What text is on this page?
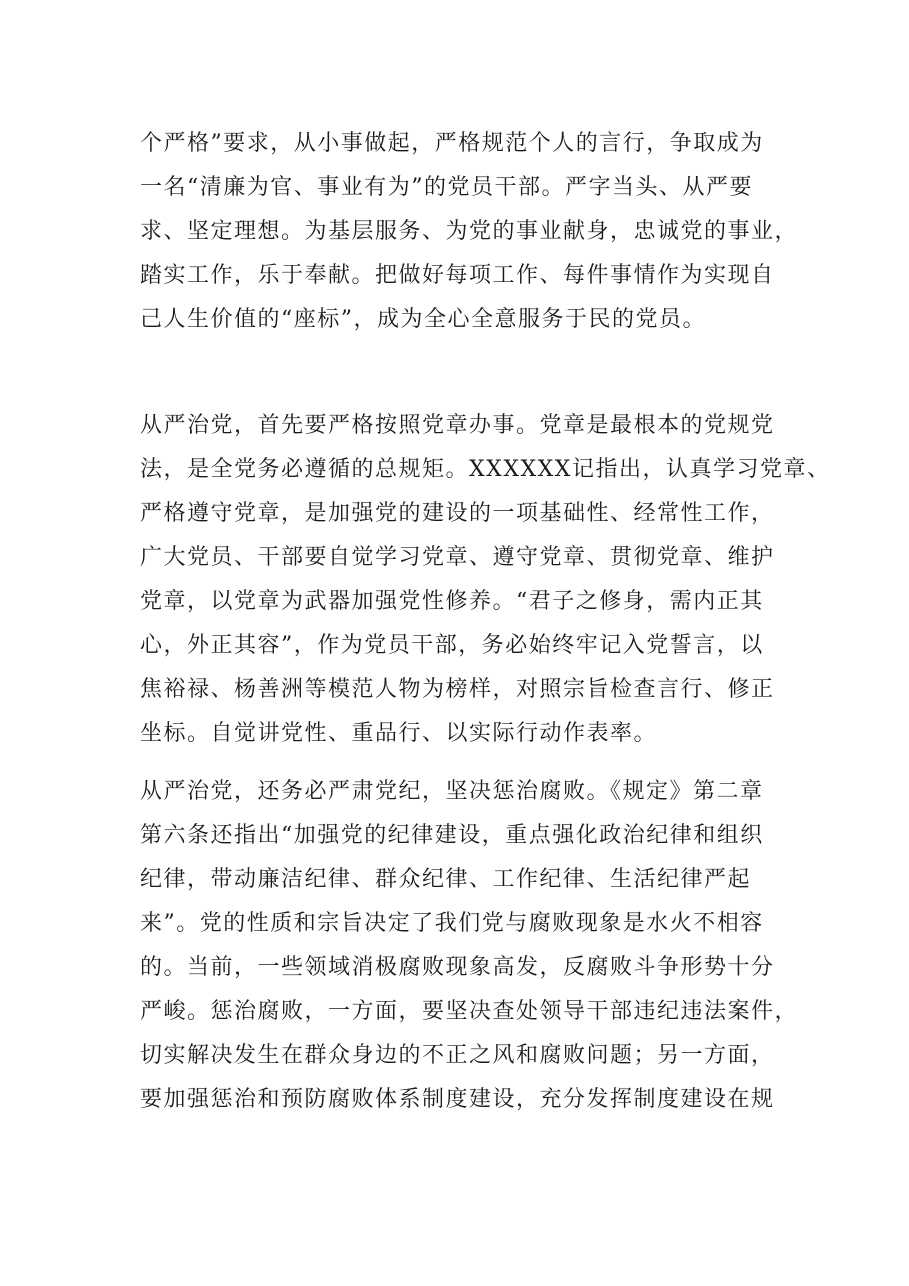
个严格”要求，从小事做起，严格规范个人的言行，争取成为
一名“清廉为官、事业有为”的党员干部。严字当头、从严要
求、坚定理想。为基层服务、为党的事业献身，忠诚党的事业，
踏实工作，乐于奉献。把做好每项工作、每件事情作为实现自
己人生价值的“座标”，成为全心全意服务于民的党员。
从严治党，首先要严格按照党章办事。党章是最根本的党规党
法，是全党务必遵循的总规矩。XXXXXX记指出，认真学习党章、
严格遵守党章，是加强党的建设的一项基础性、经常性工作，
广大党员、干部要自觉学习党章、遵守党章、贯彻党章、维护
党章，以党章为武器加强党性修养。“君子之修身，需内正其
心，外正其容”，作为党员干部，务必始终牢记入党誓言，以
焦裕禄、杨善洲等模范人物为榜样，对照宗旨检查言行、修正
坐标。自觉讲党性、重品行、以实际行动作表率。
从严治党，还务必严肃党纪，坚决惩治腐败。《规定》第二章
第六条还指出“加强党的纪律建设，重点强化政治纪律和组织
纪律，带动廉洁纪律、群众纪律、工作纪律、生活纪律严起
来”。党的性质和宗旨决定了我们党与腐败现象是水火不相容
的。当前，一些领域消极腐败现象高发，反腐败斗争形势十分
严峻。惩治腐败，一方面，要坚决查处领导干部违纪违法案件，
切实解决发生在群众身边的不正之风和腐败问题；另一方面，
要加强惩治和预防腐败体系制度建设，充分发挥制度建设在规
